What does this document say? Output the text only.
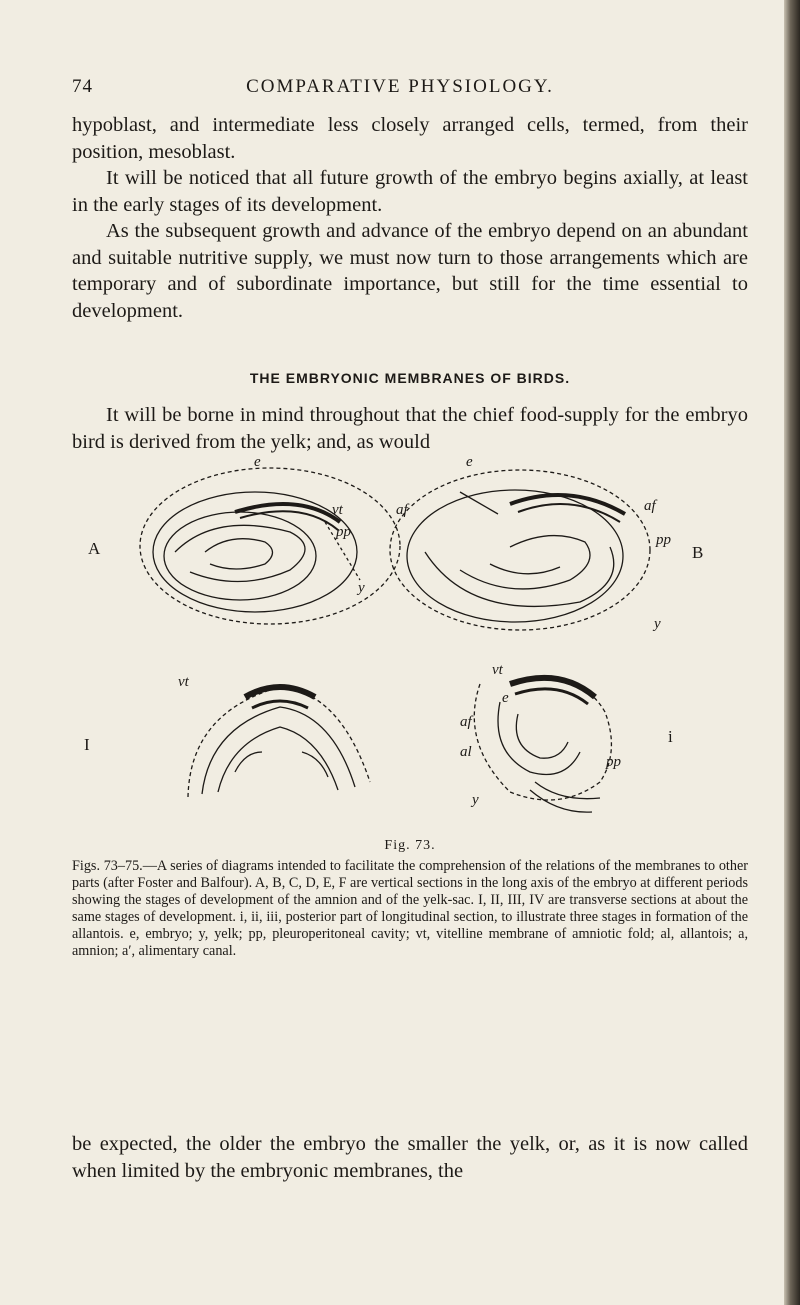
COMPARATIVE PHYSIOLOGY.
74

hypoblast, and intermediate less closely arranged cells, termed, from their position, mesoblast.

It will be noticed that all future growth of the embryo begins axially, at least in the early stages of its development.

As the subsequent growth and advance of the embryo depend on an abundant and suitable nutritive supply, we must now turn to those arrangements which are temporary and of subordinate importance, but still for the time essential to development.

THE EMBRYONIC MEMBRANES OF BIRDS.

It will be borne in mind throughout that the chief food-supply for the embryo bird is derived from the yelk; and, as would

A	B
I	i
e
vt
pp
y
e
af	af
pp
y
vt
vt
e
af
al
pp
y
Fig. 73.

Figs. 73–75.—A series of diagrams intended to facilitate the comprehension of the relations of the membranes to other parts (after Foster and Balfour). A, B, C, D, E, F are vertical sections in the long axis of the embryo at different periods showing the stages of development of the amnion and of the yelk-sac. I, II, III, IV are transverse sections at about the same stages of development. i, ii, iii, posterior part of longitudinal section, to illustrate three stages in formation of the allantois. e, embryo; y, yelk; pp, pleuroperitoneal cavity; vt, vitelline membrane of amniotic fold; al, allantois; a, amnion; a′, alimentary canal.

be expected, the older the embryo the smaller the yelk, or, as it is now called when limited by the embryonic membranes, the
